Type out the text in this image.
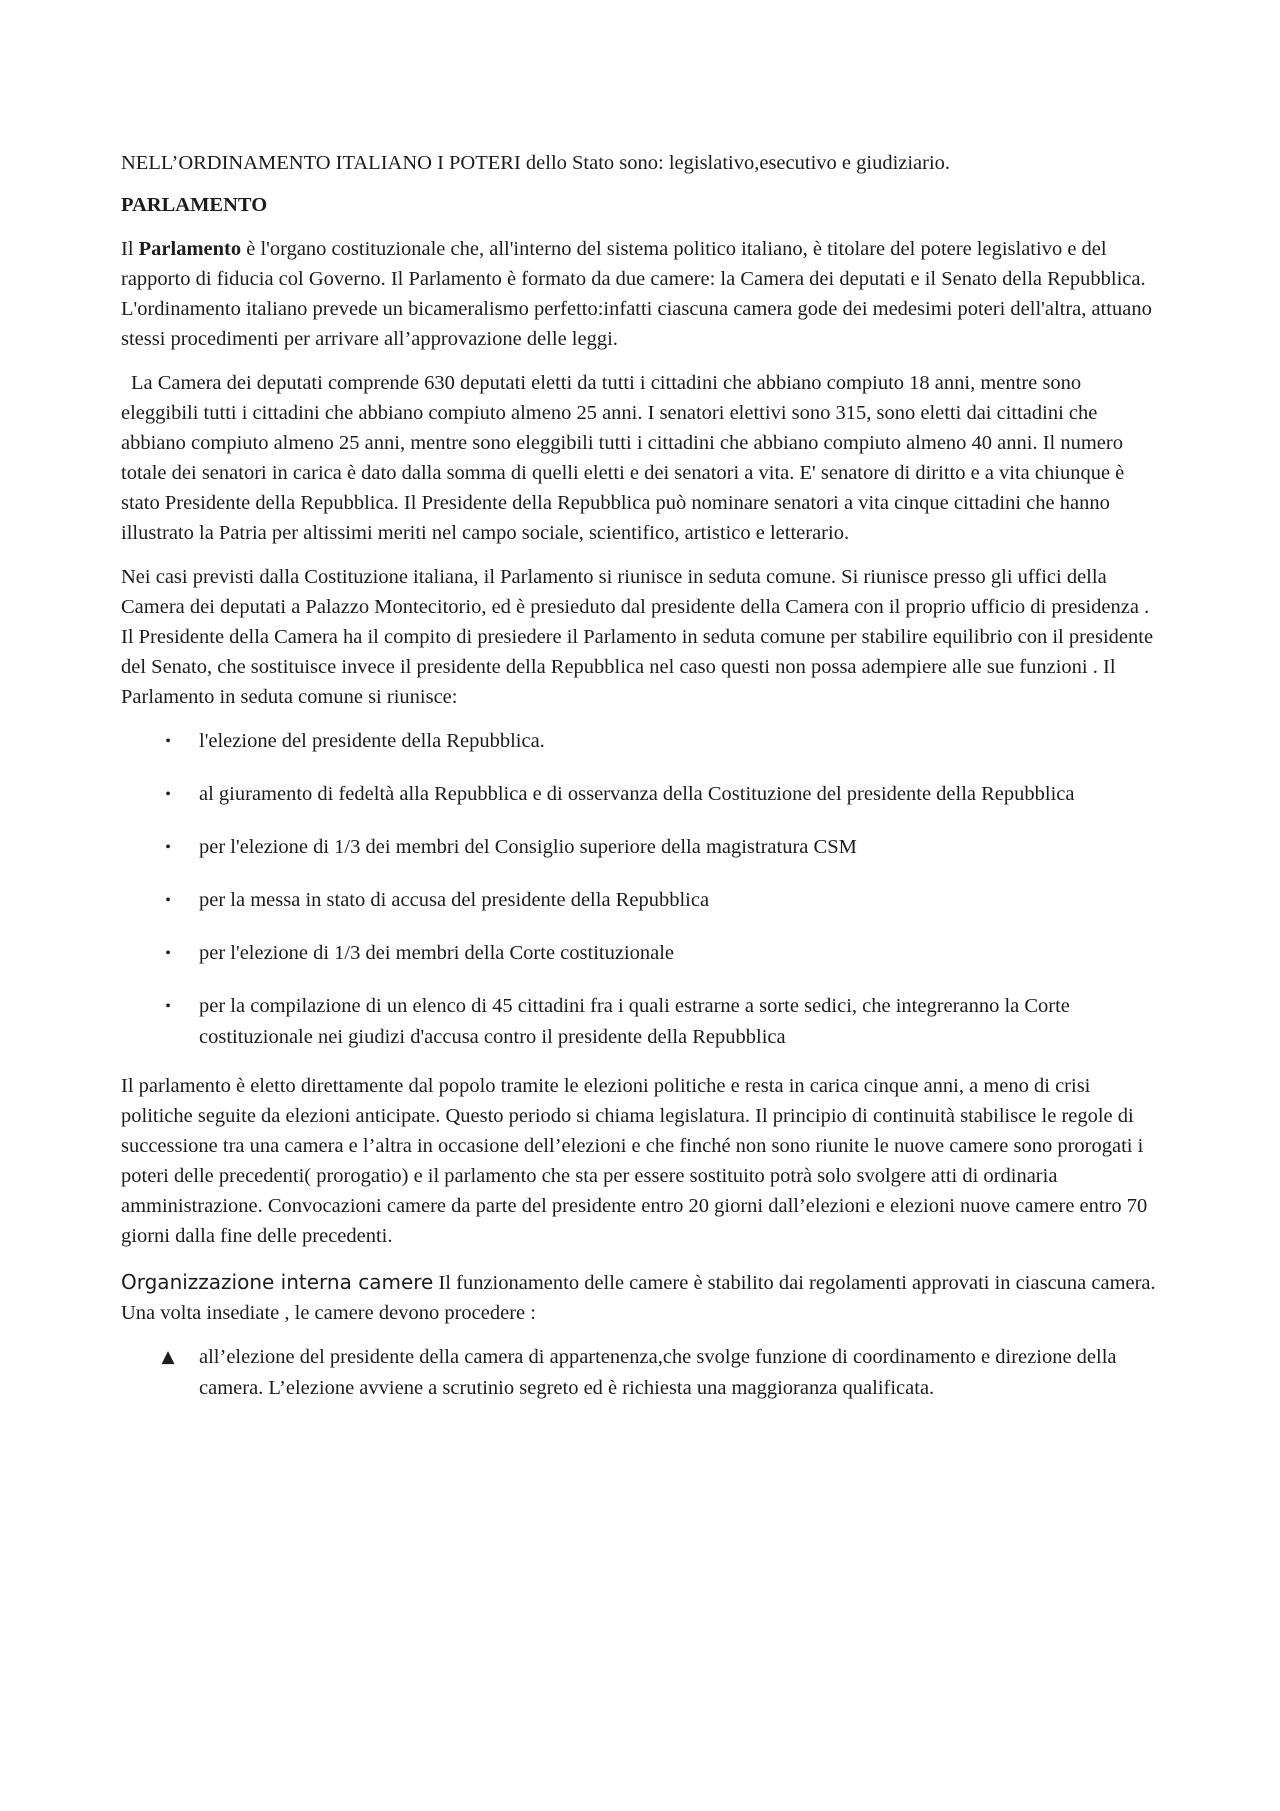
NELL’ORDINAMENTO ITALIANO I POTERI dello Stato sono: legislativo,esecutivo e giudiziario.

PARLAMENTO

Il Parlamento è l'organo costituzionale che, all'interno del sistema politico italiano, è titolare del potere legislativo e del rapporto di fiducia col Governo. Il Parlamento è formato da due camere: la Camera dei deputati e il Senato della Repubblica. L'ordinamento italiano prevede un bicameralismo perfetto:infatti ciascuna camera gode dei medesimi poteri dell'altra, attuano stessi procedimenti per arrivare all’approvazione delle leggi.

La Camera dei deputati comprende 630 deputati eletti da tutti i cittadini che abbiano compiuto 18 anni, mentre sono eleggibili tutti i cittadini che abbiano compiuto almeno 25 anni. I senatori elettivi sono 315, sono eletti dai cittadini che abbiano compiuto almeno 25 anni, mentre sono eleggibili tutti i cittadini che abbiano compiuto almeno 40 anni. Il numero totale dei senatori in carica è dato dalla somma di quelli eletti e dei senatori a vita. E' senatore di diritto e a vita chiunque è stato Presidente della Repubblica. Il Presidente della Repubblica può nominare senatori a vita cinque cittadini che hanno illustrato la Patria per altissimi meriti nel campo sociale, scientifico, artistico e letterario.

Nei casi previsti dalla Costituzione italiana, il Parlamento si riunisce in seduta comune. Si riunisce presso gli uffici della Camera dei deputati a Palazzo Montecitorio, ed è presieduto dal presidente della Camera con il proprio ufficio di presidenza . Il Presidente della Camera ha il compito di presiedere il Parlamento in seduta comune per stabilire equilibrio con il presidente del Senato, che sostituisce invece il presidente della Repubblica nel caso questi non possa adempiere alle sue funzioni . Il Parlamento in seduta comune si riunisce:

•	l'elezione del presidente della Repubblica.
•	al giuramento di fedeltà alla Repubblica e di osservanza della Costituzione del presidente della Repubblica
•	per l'elezione di 1/3 dei membri del Consiglio superiore della magistratura CSM
•	per la messa in stato di accusa del presidente della Repubblica
•	per l'elezione di 1/3 dei membri della Corte costituzionale
•	per la compilazione di un elenco di 45 cittadini fra i quali estrarne a sorte sedici, che integreranno la Corte costituzionale nei giudizi d'accusa contro il presidente della Repubblica

Il parlamento è eletto direttamente dal popolo tramite le elezioni politiche e resta in carica cinque anni, a meno di crisi politiche seguite da elezioni anticipate. Questo periodo si chiama legislatura. Il principio di continuità stabilisce le regole di successione tra una camera e l’altra in occasione dell’elezioni e che finché non sono riunite le nuove camere sono prorogati i poteri delle precedenti( prorogatio) e il parlamento che sta per essere sostituito potrà solo svolgere atti di ordinaria amministrazione. Convocazioni camere da parte del presidente entro 20 giorni dall’elezioni e elezioni nuove camere entro 70 giorni dalla fine delle precedenti.

Organizzazione interna camere Il funzionamento delle camere è stabilito dai regolamenti approvati in ciascuna camera. Una volta insediate , le camere devono procedere :

▲ all’elezione del presidente della camera di appartenenza,che svolge funzione di coordinamento e direzione della camera. L’elezione avviene a scrutinio segreto ed è richiesta una maggioranza qualificata.
